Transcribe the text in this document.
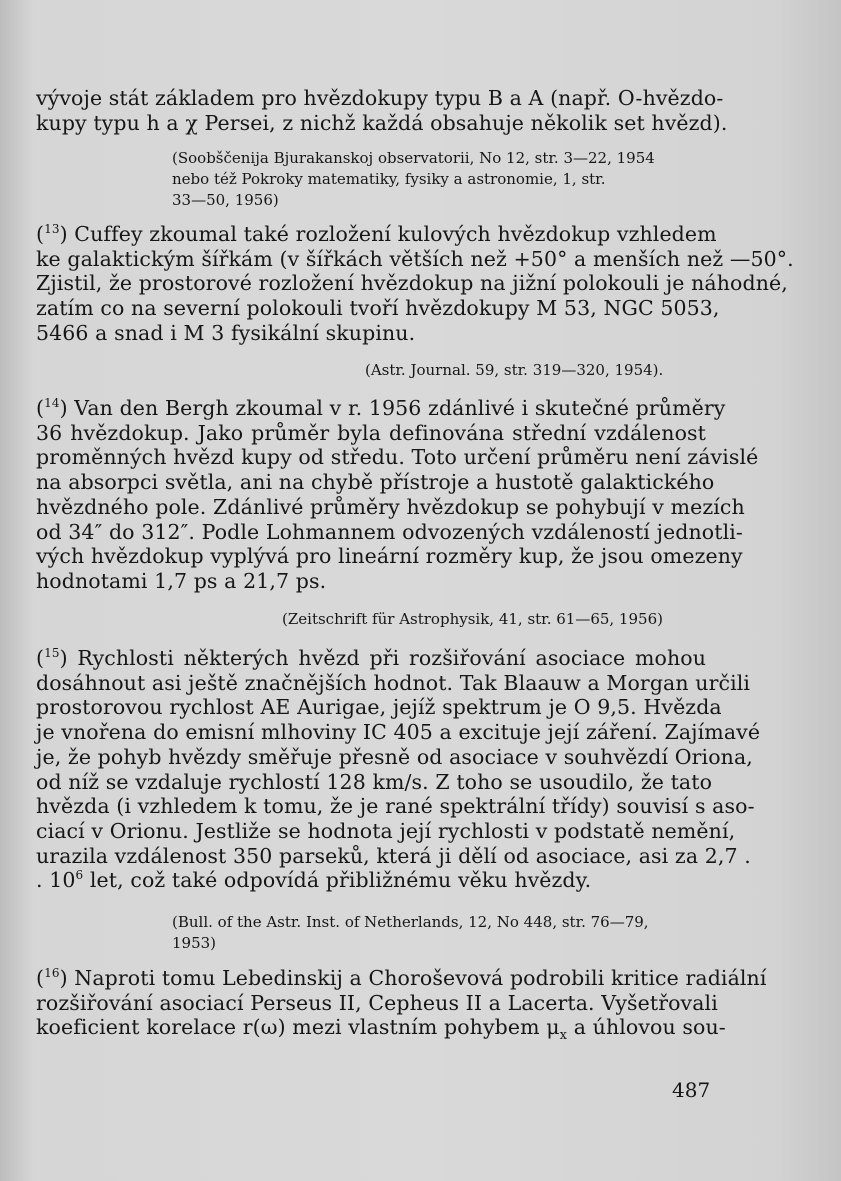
vývoje stát základem pro hvězdokupy typu B a A (např. O-hvězdo-
kupy typu h a χ Persei, z nichž každá obsahuje několik set hvězd).
(Soobščenija Bjurakanskoj observatorii, No 12, str. 3—22, 1954
nebo též Pokroky matematiky, fysiky a astronomie, 1, str.
33—50, 1956)
($^{13}$) Cuffey zkoumal také rozložení kulových hvězdokup vzhledem
ke galaktickým šířkám (v šířkách větších než +50° a menších než —50°.
Zjistil, že prostorové rozložení hvězdokup na jižní polokouli je náhodné,
zatím co na severní polokouli tvoří hvězdokupy M 53, NGC 5053,
5466 a snad i M 3 fysikální skupinu.
(Astr. Journal. 59, str. 319—320, 1954).
($^{14}$) Van den Bergh zkoumal v r. 1956 zdánlivé i skutečné průměry
36 hvězdokup. Jako průměr byla definována střední vzdálenost
proměnných hvězd kupy od středu. Toto určení průměru není závislé
na absorpci světla, ani na chybě přístroje a hustotě galaktického
hvězdného pole. Zdánlivé průměry hvězdokup se pohybují v mezích
od 34″ do 312″. Podle Lohmannem odvozených vzdáleností jednotli-
vých hvězdokup vyplývá pro lineární rozměry kup, že jsou omezeny
hodnotami 1,7 ps a 21,7 ps.
(Zeitschrift für Astrophysik, 41, str. 61—65, 1956)
($^{15}$) Rychlosti některých hvězd při rozšiřování asociace mohou
dosáhnout asi ještě značnějších hodnot. Tak Blaauw a Morgan určili
prostorovou rychlost AE Aurigae, jejíž spektrum je O 9,5. Hvězda
je vnořena do emisní mlhoviny IC 405 a excituje její záření. Zajímavé
je, že pohyb hvězdy směřuje přesně od asociace v souhvězdí Oriona,
od níž se vzdaluje rychlostí 128 km/s. Z toho se usoudilo, že tato
hvězda (i vzhledem k tomu, že je rané spektrální třídy) souvisí s aso-
ciací v Orionu. Jestliže se hodnota její rychlosti v podstatě nemění,
urazila vzdálenost 350 parseků, která ji dělí od asociace, asi za 2,7 .
. $10^6$ let, což také odpovídá přibližnému věku hvězdy.
(Bull. of the Astr. Inst. of Netherlands, 12, No 448, str. 76—79,
1953)
($^{16}$) Naproti tomu Lebedinskij a Choroševová podrobili kritice radiální
rozšiřování asociací Perseus II, Cepheus II a Lacerta. Vyšetřovali
koeficient korelace r(ω) mezi vlastním pohybem $\mu_x$ a úhlovou sou-
487
